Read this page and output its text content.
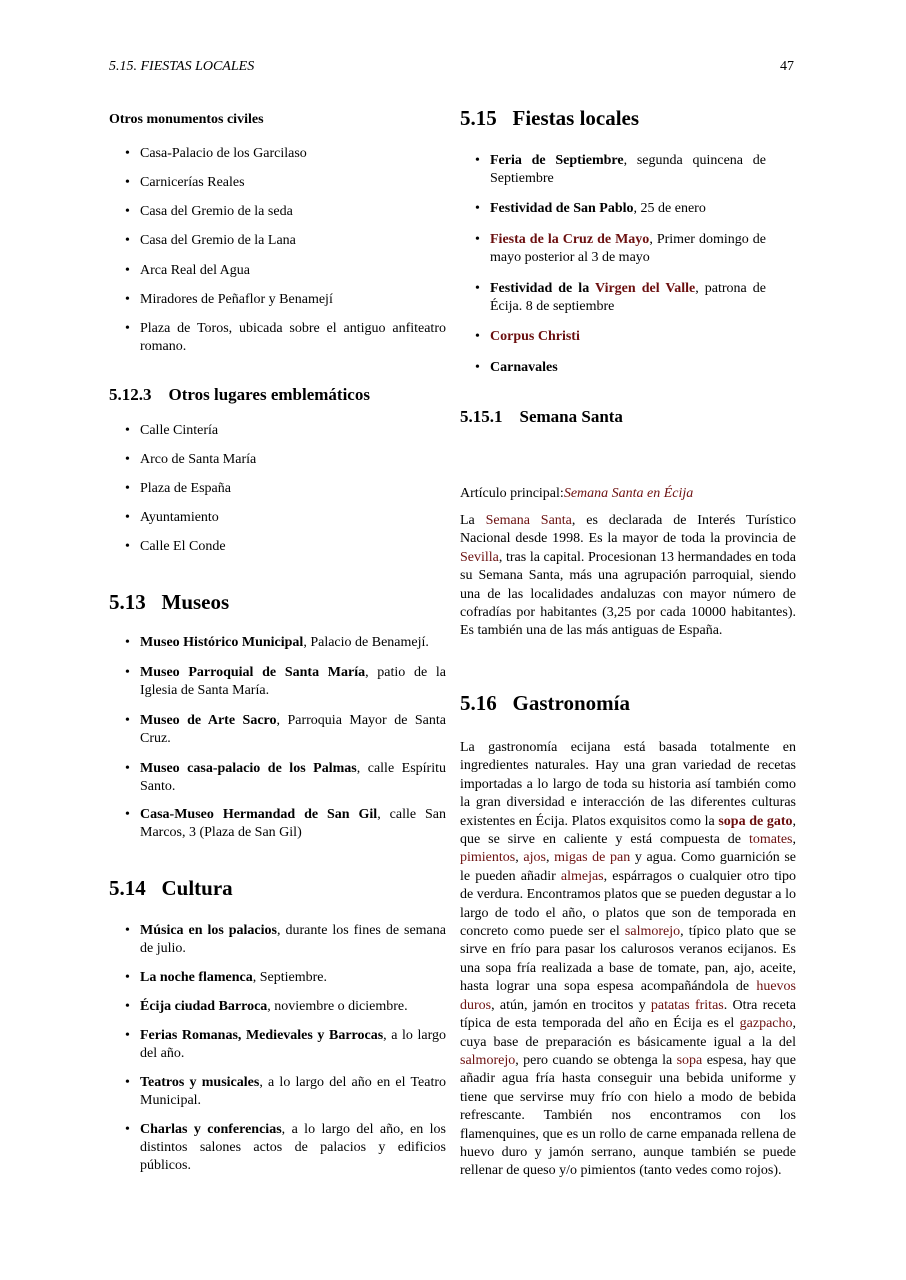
5.15. FIESTAS LOCALES	47
Otros monumentos civiles
• Casa-Palacio de los Garcilaso
• Carnicerías Reales
• Casa del Gremio de la seda
• Casa del Gremio de la Lana
• Arca Real del Agua
• Miradores de Peñaflor y Benamejí
• Plaza de Toros, ubicada sobre el antiguo anfiteatro romano.
5.12.3 Otros lugares emblemáticos
• Calle Cintería
• Arco de Santa María
• Plaza de España
• Ayuntamiento
• Calle El Conde
5.13 Museos
• Museo Histórico Municipal, Palacio de Benamejí.
• Museo Parroquial de Santa María, patio de la Iglesia de Santa María.
• Museo de Arte Sacro, Parroquia Mayor de Santa Cruz.
• Museo casa-palacio de los Palmas, calle Espíritu Santo.
• Casa-Museo Hermandad de San Gil, calle San Marcos, 3 (Plaza de San Gil)
5.14 Cultura
• Música en los palacios, durante los fines de semana de julio.
• La noche flamenca, Septiembre.
• Écija ciudad Barroca, noviembre o diciembre.
• Ferias Romanas, Medievales y Barrocas, a lo largo del año.
• Teatros y musicales, a lo largo del año en el Teatro Municipal.
• Charlas y conferencias, a lo largo del año, en los distintos salones actos de palacios y edificios públicos.
5.15 Fiestas locales
• Feria de Septiembre, segunda quincena de Septiembre
• Festividad de San Pablo, 25 de enero
• Fiesta de la Cruz de Mayo, Primer domingo de mayo posterior al 3 de mayo
• Festividad de la Virgen del Valle, patrona de Écija. 8 de septiembre
• Corpus Christi
• Carnavales
5.15.1 Semana Santa
Artículo principal:Semana Santa en Écija
La Semana Santa, es declarada de Interés Turístico Nacional desde 1998. Es la mayor de toda la provincia de Sevilla, tras la capital. Procesionan 13 hermandades en toda su Semana Santa, más una agrupación parroquial, siendo una de las localidades andaluzas con mayor número de cofradías por habitantes (3,25 por cada 10000 habitantes). Es también una de las más antiguas de España.
5.16 Gastronomía
La gastronomía ecijana está basada totalmente en ingredientes naturales. Hay una gran variedad de recetas importadas a lo largo de toda su historia así también como la gran diversidad e interacción de las diferentes culturas existentes en Écija. Platos exquisitos como la sopa de gato, que se sirve en caliente y está compuesta de tomates, pimientos, ajos, migas de pan y agua. Como guarnición se le pueden añadir almejas, espárragos o cualquier otro tipo de verdura. Encontramos platos que se pueden degustar a lo largo de todo el año, o platos que son de temporada en concreto como puede ser el salmorejo, típico plato que se sirve en frío para pasar los calurosos veranos ecijanos. Es una sopa fría realizada a base de tomate, pan, ajo, aceite, hasta lograr una sopa espesa acompañándola de huevos duros, atún, jamón en trocitos y patatas fritas. Otra receta típica de esta temporada del año en Écija es el gazpacho, cuya base de preparación es básicamente igual a la del salmorejo, pero cuando se obtenga la sopa espesa, hay que añadir agua fría hasta conseguir una bebida uniforme y tiene que servirse muy frío con hielo a modo de bebida refrescante. También nos encontramos con los flamenquines, que es un rollo de carne empanada rellena de huevo duro y jamón serrano, aunque también se puede rellenar de queso y/o pimientos (tanto vedes como rojos).
